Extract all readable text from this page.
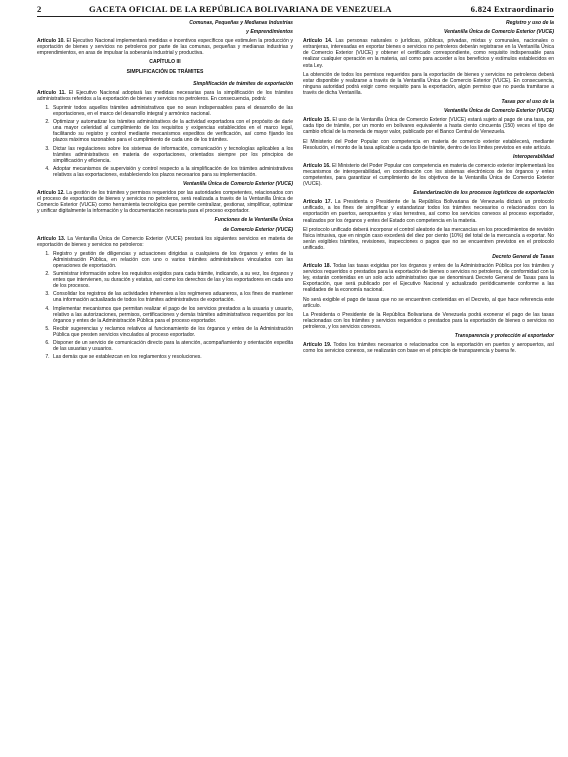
2	GACETA OFICIAL DE LA REPÚBLICA BOLIVARIANA DE VENEZUELA	6.824 Extraordinario

Comunas, Pequeñas y Medianas Industrias

y Emprendimientos

Artículo 10. El Ejecutivo Nacional implementará medidas e incentivos específicos que estimulen la producción y exportación de bienes y servicios no petroleros por parte de las comunas, pequeñas y medianas industrias y emprendimientos, en aras de impulsar la soberanía industrial y productiva.

CAPÍTULO III

SIMPLIFICACIÓN DE TRÁMITES

Simplificación de trámites de exportación

Artículo 11. El Ejecutivo Nacional adoptará las medidas necesarias para la simplificación de los trámites administrativos referidos a la exportación de bienes y servicios no petroleros. En consecuencia, podrá:

1. Suprimir todos aquellos trámites administrativos que no sean indispensables para el desarrollo de las exportaciones, en el marco del desarrollo integral y armónico nacional.
2. Optimizar y automatizar los trámites administrativos de la actividad exportadora con el propósito de darle una mayor celeridad al cumplimiento de los requisitos y exigencias establecidos en el marco legal, facilitando su registro y control mediante mecanismos expeditos de verificación, así como fijando los plazos máximos razonables para el cumplimiento de cada uno de los trámites.
3. Dictar las regulaciones sobre los sistemas de información, comunicación y tecnologías aplicables a los trámites administrativos en materia de exportaciones, orientados siempre por los principios de simplificación y eficiencia.
4. Adoptar mecanismos de supervisión y control respecto a la simplificación de los trámites administrativos relativos a las exportaciones, estableciendo los plazos necesarios para su implementación.

Ventanilla Única de Comercio Exterior (VUCE)

Artículo 12. La gestión de los trámites y permisos requeridos por las autoridades competentes, relacionados con el proceso de exportación de bienes y servicios no petroleros, será realizada a través de la Ventanilla Única de Comercio Exterior (VUCE) como herramienta tecnológica que permite centralizar, gestionar, simplificar, optimizar y unificar digitalmente la información y la documentación necesaria para el proceso exportador.

Funciones de la Ventanilla Única

de Comercio Exterior (VUCE)

Artículo 13. La Ventanilla Única de Comercio Exterior (VUCE) prestará los siguientes servicios en materia de exportación de bienes y servicios no petroleros:

1. Registro y gestión de diligencias y actuaciones dirigidas a cualquiera de los órganos y entes de la Administración Pública, en relación con uno o varios trámites administrativos vinculados con las operaciones de exportación.
2. Suministrar información sobre los requisitos exigidos para cada trámite, indicando, a su vez, los órganos y entes que intervienen, su duración y estatus, así como los derechos de las y los exportadores en cada uno de los procesos.
3. Consolidar los registros de las actividades inherentes a los regímenes aduaneros, a los fines de mantener una información actualizada de todos los trámites administrativos de exportación.
4. Implementar mecanismos que permitan realizar el pago de los servicios prestados a la usuaria y usuario, relativo a las autorizaciones, permisos, certificaciones y demás trámites administrativos requeridos por los órganos y entes de la Administración Pública para el proceso exportador.
5. Recibir sugerencias y reclamos relativos al funcionamiento de los órganos y entes de la Administración Pública que presten servicios vinculados al proceso exportador.
6. Disponer de un servicio de comunicación directo para la atención, acompañamiento y orientación expedita de las usuarias y usuarios.
7. Las demás que se establezcan en los reglamentos y resoluciones.

Registro y uso de la

Ventanilla Única de Comercio Exterior (VUCE)

Artículo 14. Las personas naturales o jurídicas, públicas, privadas, mixtas y comunales, nacionales o extranjeras, interesadas en exportar bienes o servicios no petroleros deberán registrarse en la Ventanilla Única de Comercio Exterior (VUCE) y obtener el certificado correspondiente, como requisito indispensable para realizar cualquier operación en la materia, así como para acceder a los beneficios y estímulos establecidos en esta Ley.

La obtención de todos los permisos requeridos para la exportación de bienes y servicios no petroleros deberá estar disponible y realizarse a través de la Ventanilla Única de Comercio Exterior (VUCE). En consecuencia, ninguna autoridad podrá exigir como requisito para la exportación, algún permiso que no pueda tramitarse a través de dicha Ventanilla.

Tasas por el uso de la

Ventanilla Única de Comercio Exterior (VUCE)

Artículo 15. El uso de la Ventanilla Única de Comercio Exterior (VUCE) estará sujeto al pago de una tasa, por cada tipo de trámite, por un monto en bolívares equivalente a hasta ciento cincuenta (150) veces el tipo de cambio oficial de la moneda de mayor valor, publicado por el Banco Central de Venezuela.

El Ministerio del Poder Popular con competencia en materia de comercio exterior establecerá, mediante Resolución, el monto de la tasa aplicable a cada tipo de trámite, dentro de los límites previstos en este artículo.

Interoperabilidad

Artículo 16. El Ministerio del Poder Popular con competencia en materia de comercio exterior implementará los mecanismos de interoperabilidad, en coordinación con los sistemas electrónicos de los órganos y entes competentes, para garantizar el cumplimiento de los objetivos de la Ventanilla Única de Comercio Exterior (VUCE).

Estandarización de los procesos logísticos de exportación

Artículo 17. La Presidenta o Presidente de la República Bolivariana de Venezuela dictará un protocolo unificado, a los fines de simplificar y estandarizar todos los trámites necesarios o relacionados con la exportación en puertos, aeropuertos y vías terrestres, así como los servicios conexos al proceso exportador, realizados por los órganos y entes del Estado con competencia en la materia.

El protocolo unificado deberá incorporar el control aleatorio de las mercancías en los procedimientos de revisión física intrusiva, que en ningún caso excederá del diez por ciento (10%) del total de la mercancía a exportar. No serán exigibles trámites, revisiones, inspecciones o pagos que no se encuentren previstos en el protocolo unificado.

Decreto General de Tasas

Artículo 18. Todas las tasas exigidas por los órganos y entes de la Administración Pública por los trámites y servicios requeridos o prestados para la exportación de bienes o servicios no petroleros, de conformidad con la ley, estarán contenidas en un solo acto administrativo que se denominará Decreto General de Tasas para la Exportación, que será publicado por el Ejecutivo Nacional y actualizado periódicamente conforme a las realidades de la economía nacional.

No será exigible el pago de tasas que no se encuentren contenidas en el Decreto, al que hace referencia este artículo.

La Presidenta o Presidente de la República Bolivariana de Venezuela podrá exonerar el pago de las tasas relacionadas con los trámites y servicios requeridos o prestados para la exportación de bienes o servicios no petroleros, y los servicios conexos.

Transparencia y protección al exportador

Artículo 19. Todos los trámites necesarios o relacionados con la exportación en puertos y aeropuertos, así como los servicios conexos, se realizarán con base en el principio de transparencia y buena fe.
